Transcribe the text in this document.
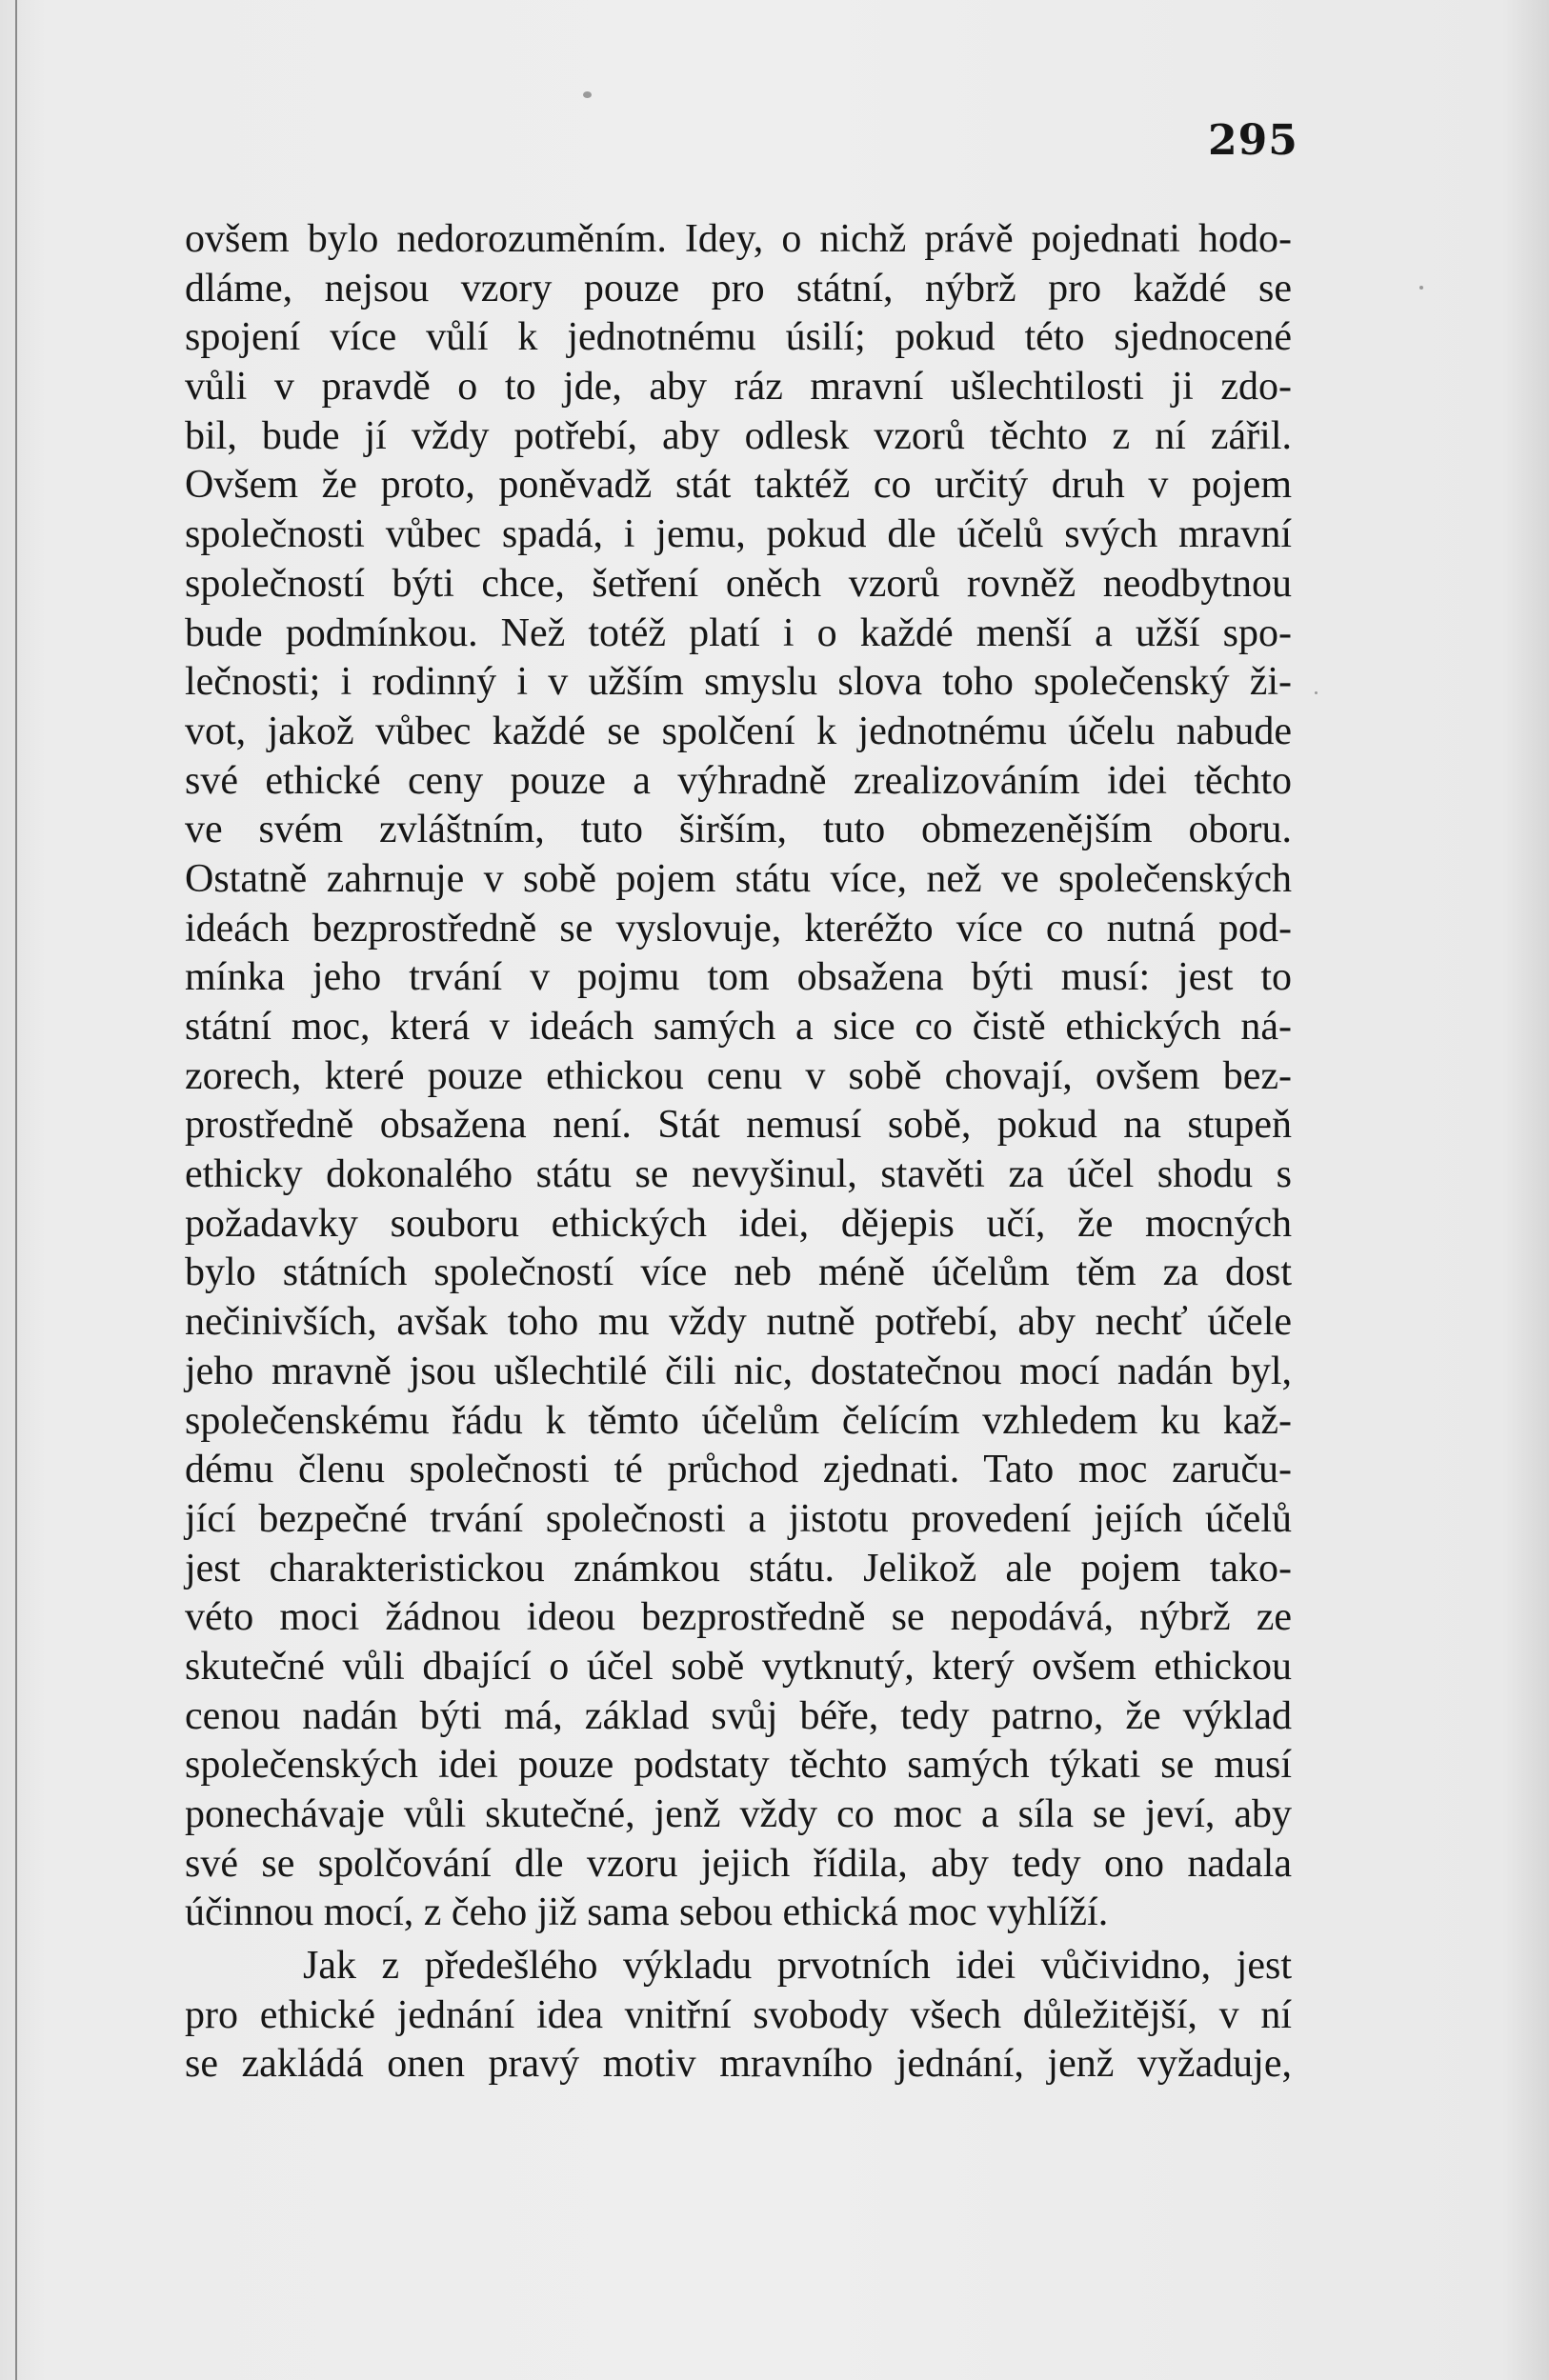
295
ovšem bylo nedorozuměním. Idey, o nichž právě pojednati hodo-
dláme, nejsou vzory pouze pro státní, nýbrž pro každé se
spojení více vůlí k jednotnému úsilí; pokud této sjednocené
vůli v pravdě o to jde, aby ráz mravní ušlechtilosti ji zdo-
bil, bude jí vždy potřebí, aby odlesk vzorů těchto z ní zářil.
Ovšem že proto, poněvadž stát taktéž co určitý druh v pojem
společnosti vůbec spadá, i jemu, pokud dle účelů svých mravní
společností býti chce, šetření oněch vzorů rovněž neodbytnou
bude podmínkou. Než totéž platí i o každé menší a užší spo-
lečnosti; i rodinný i v užším smyslu slova toho společenský ži-
vot, jakož vůbec každé se spolčení k jednotnému účelu nabude
své ethické ceny pouze a výhradně zrealizováním idei těchto
ve svém zvláštním, tuto širším, tuto obmezenějším oboru.
Ostatně zahrnuje v sobě pojem státu více, než ve společenských
ideách bezprostředně se vyslovuje, kteréžto více co nutná pod-
mínka jeho trvání v pojmu tom obsažena býti musí: jest to
státní moc, která v ideách samých a sice co čistě ethických ná-
zorech, které pouze ethickou cenu v sobě chovají, ovšem bez-
prostředně obsažena není. Stát nemusí sobě, pokud na stupeň
ethicky dokonalého státu se nevyšinul, stavěti za účel shodu s
požadavky souboru ethických idei, dějepis učí, že mocných
bylo státních společností více neb méně účelům těm za dost
nečinivších, avšak toho mu vždy nutně potřebí, aby nechť účele
jeho mravně jsou ušlechtilé čili nic, dostatečnou mocí nadán byl,
společenskému řádu k těmto účelům čelícím vzhledem ku kaž-
dému členu společnosti té průchod zjednati. Tato moc zaruču-
jící bezpečné trvání společnosti a jistotu provedení jejích účelů
jest charakteristickou známkou státu. Jelikož ale pojem tako-
véto moci žádnou ideou bezprostředně se nepodává, nýbrž ze
skutečné vůli dbající o účel sobě vytknutý, který ovšem ethickou
cenou nadán býti má, základ svůj béře, tedy patrno, že výklad
společenských idei pouze podstaty těchto samých týkati se musí
ponechávaje vůli skutečné, jenž vždy co moc a síla se jeví, aby
své se spolčování dle vzoru jejich řídila, aby tedy ono nadala
účinnou mocí, z čeho již sama sebou ethická moc vyhlíží.
Jak z předešlého výkladu prvotních idei vůčividno, jest
pro ethické jednání idea vnitřní svobody všech důležitější, v ní
se zakládá onen pravý motiv mravního jednání, jenž vyžaduje,
